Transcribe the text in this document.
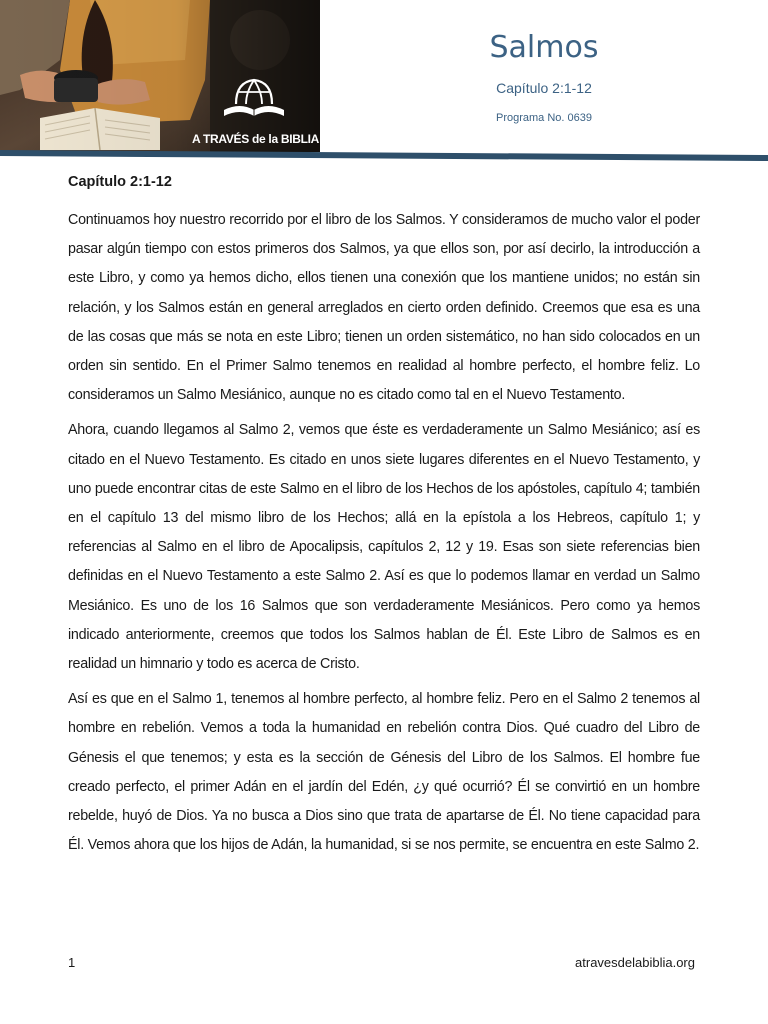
A TRAVÉS de la BIBLIA
Salmos
Capítulo 2:1-12
Programa No. 0639
Capítulo 2:1-12

Continuamos hoy nuestro recorrido por el libro de los Salmos. Y consideramos de mucho valor el poder pasar algún tiempo con estos primeros dos Salmos, ya que ellos son, por así decirlo, la introducción a este Libro, y como ya hemos dicho, ellos tienen una conexión que los mantiene unidos; no están sin relación, y los Salmos están en general arreglados en cierto orden definido. Creemos que esa es una de las cosas que más se nota en este Libro; tienen un orden sistemático, no han sido colocados en un orden sin sentido. En el Primer Salmo tenemos en realidad al hombre perfecto, el hombre feliz. Lo consideramos un Salmo Mesiánico, aunque no es citado como tal en el Nuevo Testamento.

Ahora, cuando llegamos al Salmo 2, vemos que éste es verdaderamente un Salmo Mesiánico; así es citado en el Nuevo Testamento. Es citado en unos siete lugares diferentes en el Nuevo Testamento, y uno puede encontrar citas de este Salmo en el libro de los Hechos de los apóstoles, capítulo 4; también en el capítulo 13 del mismo libro de los Hechos; allá en la epístola a los Hebreos, capítulo 1; y referencias al Salmo en el libro de Apocalipsis, capítulos 2, 12 y 19. Esas son siete referencias bien definidas en el Nuevo Testamento a este Salmo 2. Así es que lo podemos llamar en verdad un Salmo Mesiánico. Es uno de los 16 Salmos que son verdaderamente Mesiánicos. Pero como ya hemos indicado anteriormente, creemos que todos los Salmos hablan de Él. Este Libro de Salmos es en realidad un himnario y todo es acerca de Cristo.

Así es que en el Salmo 1, tenemos al hombre perfecto, al hombre feliz. Pero en el Salmo 2 tenemos al hombre en rebelión. Vemos a toda la humanidad en rebelión contra Dios. Qué cuadro del Libro de Génesis el que tenemos; y esta es la sección de Génesis del Libro de los Salmos. El hombre fue creado perfecto, el primer Adán en el jardín del Edén, ¿y qué ocurrió? Él se convirtió en un hombre rebelde, huyó de Dios. Ya no busca a Dios sino que trata de apartarse de Él. No tiene capacidad para Él. Vemos ahora que los hijos de Adán, la humanidad, si se nos permite, se encuentra en este Salmo 2.

1	atravesdelabiblia.org
